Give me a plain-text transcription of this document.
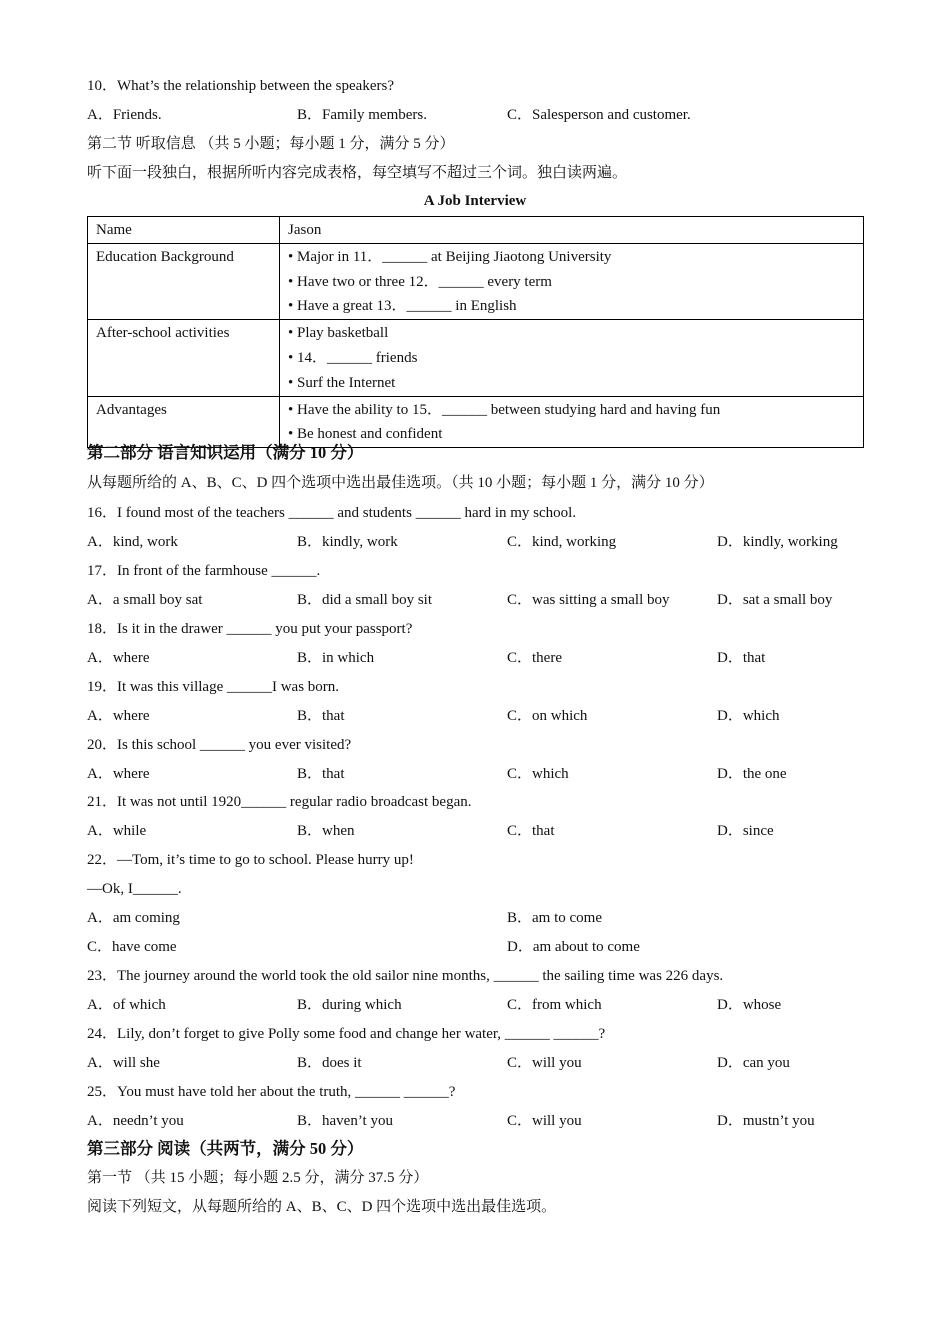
10．What’s the relationship between the speakers?
A．Friends.	B．Family members.	C．Salesperson and customer.
第二节 听取信息 （共 5 小题；每小题 1 分，满分 5 分）
听下面一段独白，根据所听内容完成表格，每空填写不超过三个词。独白读两遍。
A Job Interview
Name	Jason

Education Background	• Major in 11．______ at Beijing Jiaotong University
• Have two or three 12．______ every term
• Have a great 13．______ in English

After-school activities	• Play basketball
• 14．______ friends
• Surf the Internet

Advantages	• Have the ability to 15．______ between studying hard and having fun
• Be honest and confident
第二部分 语言知识运用（满分 10 分）
从每题所给的 A、B、C、D 四个选项中选出最佳选项。（共 10 小题；每小题 1 分，满分 10 分）
16．I found most of the teachers ______ and students ______ hard in my school.
A．kind, work	B．kindly, work	C．kind, working	D．kindly, working
17．In front of the farmhouse ______.
A．a small boy sat	B．did a small boy sit	C．was sitting a small boy	D．sat a small boy
18．Is it in the drawer ______ you put your passport?
A．where	B．in which	C．there	D．that
19．It was this village ______I was born.
A．where	B．that	C．on which	D．which
20．Is this school ______ you ever visited?
A．where	B．that	C．which	D．the one
21．It was not until 1920______ regular radio broadcast began.
A．while	B．when	C．that	D．since
22．—Tom, it’s time to go to school. Please hurry up!
—Ok, I______.
A．am coming	B．am to come
C．have come	D．am about to come
23．The journey around the world took the old sailor nine months, ______ the sailing time was 226 days.
A．of which	B．during which	C．from which	D．whose
24．Lily, don’t forget to give Polly some food and change her water, ______ ______?
A．will she	B．does it	C．will you	D．can you
25．You must have told her about the truth, ______ ______?
A．needn’t you	B．haven’t you	C．will you	D．mustn’t you
第三部分 阅读（共两节，满分 50 分）
第一节 （共 15 小题；每小题 2.5 分，满分 37.5 分）
阅读下列短文，从每题所给的 A、B、C、D 四个选项中选出最佳选项。
